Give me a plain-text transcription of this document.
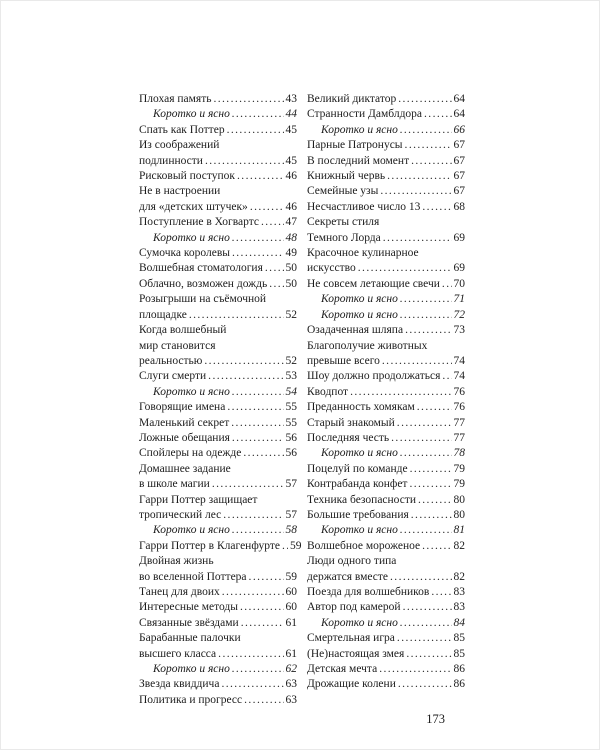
Плохая память .....	43
Коротко и ясно .....	44
Спать как Поттер .....	45
Из соображений
подлинности .....	45
Рисковый поступок .....	46
Не в настроении
для «детских штучек» .....	46
Поступление в Хогвартс ..... 47
Коротко и ясно .....	48
Сумочка королевы .....	49
Волшебная стоматология ..... 50
Облачно, возможен дождь ..... 50
Розыгрыши на съёмочной
площадке .....	52
Когда волшебный
мир становится
реальностью .....	52
Слуги смерти .....	53
Коротко и ясно .....	54
Говорящие имена .....	55
Маленький секрет .....	55
Ложные обещания .....	56
Спойлеры на одежде .....	56
Домашнее задание
в школе магии .....	57
Гарри Поттер защищает
тропический лес .....	57
Коротко и ясно .....	58
Гарри Поттер в Клагенфурте ..... 59
Двойная жизнь
во вселенной Поттера .....	59
Танец для двоих .....	60
Интересные методы .....	60
Связанные звёздами .....	61
Барабанные палочки
высшего класса .....	61
Коротко и ясно .....	62
Звезда квиддича .....	63
Политика и прогресс .....	63
Великий диктатор .....	64
Странности Дамблдора .....	64
Коротко и ясно .....	66
Парные Патронусы .....	67
В последний момент .....	67
Книжный червь .....	67
Семейные узы .....	67
Несчастливое число 13 .....	68
Секреты стиля
Темного Лорда .....	69
Красочное кулинарное
искусство .....	69
Не совсем летающие свечи ..... 70
Коротко и ясно .....	71
Коротко и ясно .....	72
Озадаченная шляпа .....	73
Благополучие животных
превыше всего .....	74
Шоу должно продолжаться ..... 74
Кводпот .....	76
Преданность хомякам .....	76
Старый знакомый .....	77
Последняя честь .....	77
Коротко и ясно .....	78
Поцелуй по команде .....	79
Контрабанда конфет .....	79
Техника безопасности .....	80
Большие требования .....	80
Коротко и ясно .....	81
Волшебное мороженое .....	82
Люди одного типа
держатся вместе .....	82
Поезда для волшебников ..... 83
Автор под камерой .....	83
Коротко и ясно .....	84
Смертельная игра .....	85
(Не)настоящая змея .....	85
Детская мечта .....	86
Дрожащие колени .....	86
173
